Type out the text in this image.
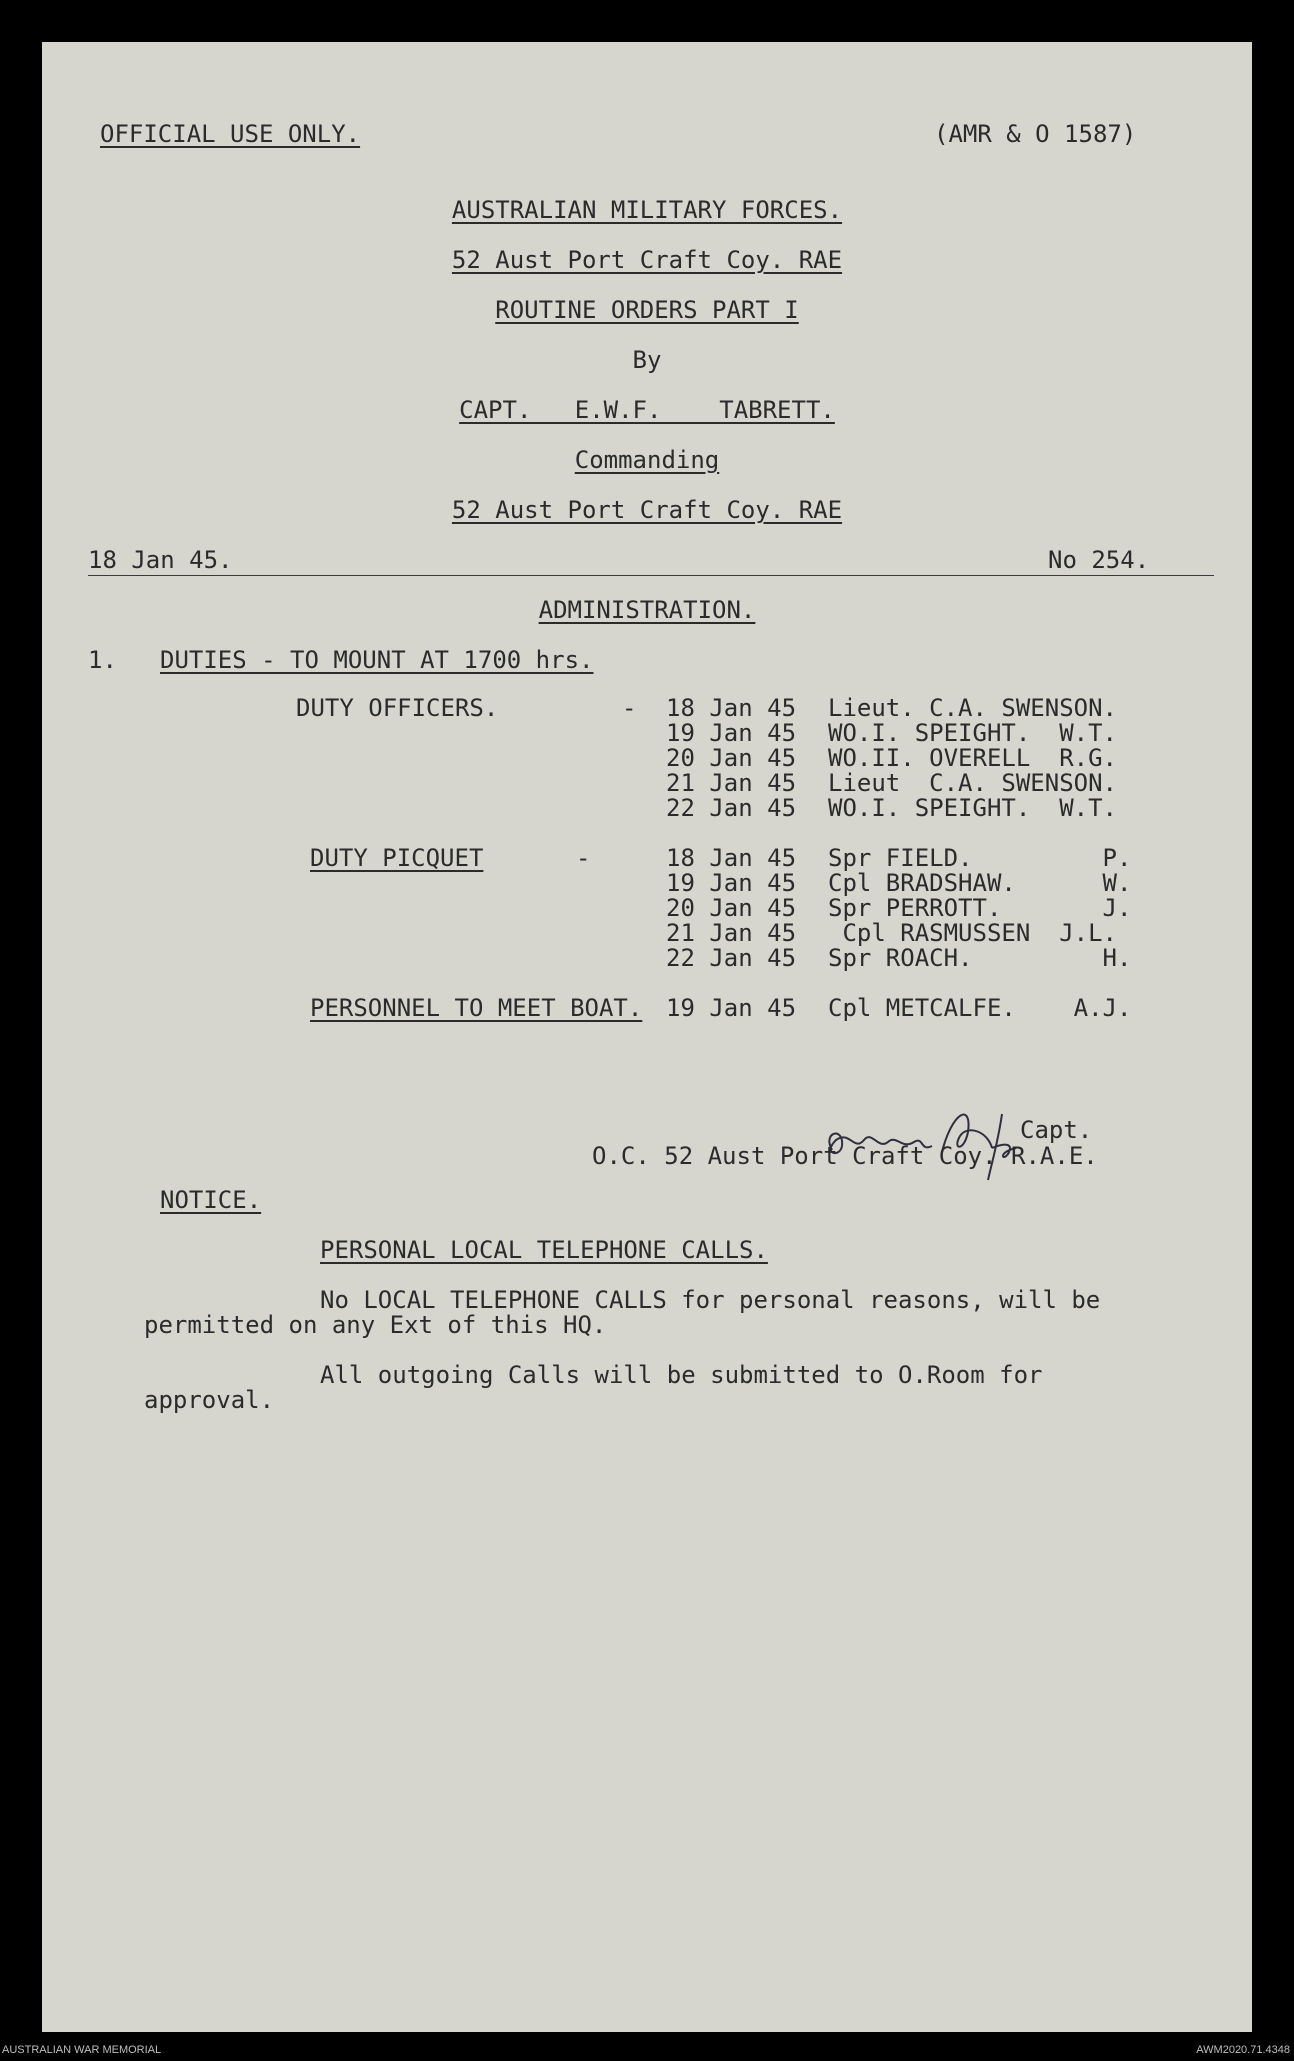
OFFICIAL USE ONLY.	(AMR & O 1587)
AUSTRALIAN MILITARY FORCES.
52 Aust Port Craft Coy. RAE
ROUTINE ORDERS PART I
By
CAPT.   E.W.F.    TABRETT.
Commanding
52 Aust Port Craft Coy. RAE
18 Jan 45.	No 254.
ADMINISTRATION.
1. DUTIES - TO MOUNT AT 1700 hrs.
DUTY OFFICERS.	- 18 Jan 45 Lieut. C.A. SWENSON.
19 Jan 45 WO.I. SPEIGHT.  W.T.
20 Jan 45 WO.II. OVERELL  R.G.
21 Jan 45 Lieut  C.A. SWENSON.
22 Jan 45 WO.I. SPEIGHT.  W.T.
DUTY PICQUET	-	18 Jan 45 Spr FIELD.         P.
19 Jan 45 Cpl BRADSHAW.      W.
20 Jan 45 Spr PERROTT.       J.
21 Jan 45 Cpl RASMUSSEN  J.L.
22 Jan 45 Spr ROACH.         H.
PERSONNEL TO MEET BOAT. 19 Jan 45 Cpl METCALFE.    A.J.
Capt.
O.C. 52 Aust Port Craft Coy. R.A.E.
NOTICE.
PERSONAL LOCAL TELEPHONE CALLS.
No LOCAL TELEPHONE CALLS for personal reasons, will be
permitted on any Ext of this HQ.
All outgoing Calls will be submitted to O.Room for
approval.
AUSTRALIAN WAR MEMORIAL	AWM2020.71.4348
